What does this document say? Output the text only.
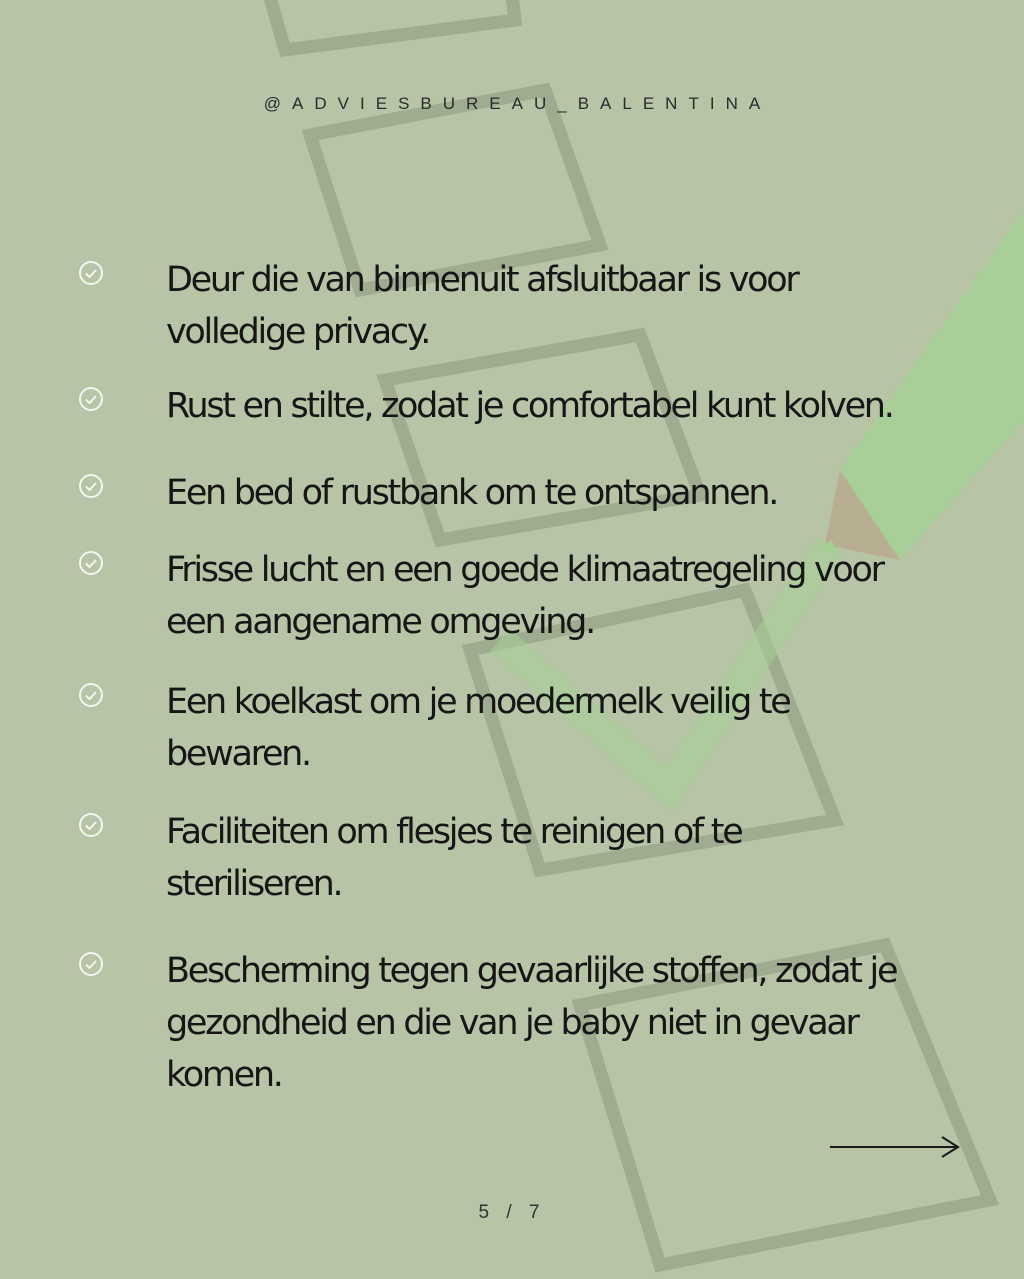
@ADVIESBUREAU_BALENTINA
Deur die van binnenuit afsluitbaar is voor volledige privacy.
Rust en stilte, zodat je comfortabel kunt kolven.
Een bed of rustbank om te ontspannen.
Frisse lucht en een goede klimaatregeling voor een aangename omgeving.
Een koelkast om je moedermelk veilig te bewaren.
Faciliteiten om flesjes te reinigen of te steriliseren.
Bescherming tegen gevaarlijke stoffen, zodat je gezondheid en die van je baby niet in gevaar komen.
5 / 7
